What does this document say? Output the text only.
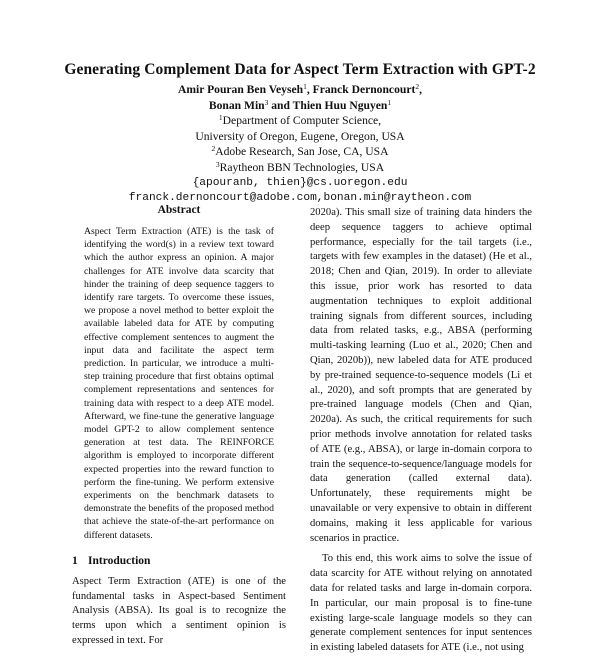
Generating Complement Data for Aspect Term Extraction with GPT-2
Amir Pouran Ben Veyseh$^1$, Franck Dernoncourt$^2$,
Bonan Min$^3$ and Thien Huu Nguyen$^1$
$^1$Department of Computer Science,
University of Oregon, Eugene, Oregon, USA
$^2$Adobe Research, San Jose, CA, USA
$^3$Raytheon BBN Technologies, USA
{apouranb, thien}@cs.uoregon.edu
franck.dernoncourt@adobe.com,bonan.min@raytheon.com
Abstract
Aspect Term Extraction (ATE) is the task of identifying the word(s) in a review text toward which the author express an opinion. A major challenges for ATE involve data scarcity that hinder the training of deep sequence taggers to identify rare targets. To overcome these issues, we propose a novel method to better exploit the available labeled data for ATE by computing effective complement sentences to augment the input data and facilitate the aspect term prediction. In particular, we introduce a multi-step training procedure that first obtains optimal complement representations and sentences for training data with respect to a deep ATE model. Afterward, we fine-tune the generative language model GPT-2 to allow complement sentence generation at test data. The REINFORCE algorithm is employed to incorporate different expected properties into the reward function to perform the fine-tuning. We perform extensive experiments on the benchmark datasets to demonstrate the benefits of the proposed method that achieve the state-of-the-art performance on different datasets.
1 Introduction
Aspect Term Extraction (ATE) is one of the fundamental tasks in Aspect-based Sentiment Analysis (ABSA). Its goal is to recognize the terms upon which a sentiment opinion is expressed in text. For
2020a). This small size of training data hinders the deep sequence taggers to achieve optimal performance, especially for the tail targets (i.e., targets with few examples in the dataset) (He et al., 2018; Chen and Qian, 2019). In order to alleviate this issue, prior work has resorted to data augmentation techniques to exploit additional training signals from different sources, including data from related tasks, e.g., ABSA (performing multi-tasking learning (Luo et al., 2020; Chen and Qian, 2020b)), new labeled data for ATE produced by pre-trained sequence-to-sequence models (Li et al., 2020), and soft prompts that are generated by pre-trained language models (Chen and Qian, 2020a). As such, the critical requirements for such prior methods involve annotation for related tasks of ATE (e.g., ABSA), or large in-domain corpora to train the sequence-to-sequence/language models for data generation (called external data). Unfortunately, these requirements might be unavailable or very expensive to obtain in different domains, making it less applicable for various scenarios in practice.
To this end, this work aims to solve the issue of data scarcity for ATE without relying on annotated data for related tasks and large in-domain corpora. In particular, our main proposal is to fine-tune existing large-scale language models so they can generate complement sentences for input sentences in existing labeled datasets for ATE (i.e., not using
